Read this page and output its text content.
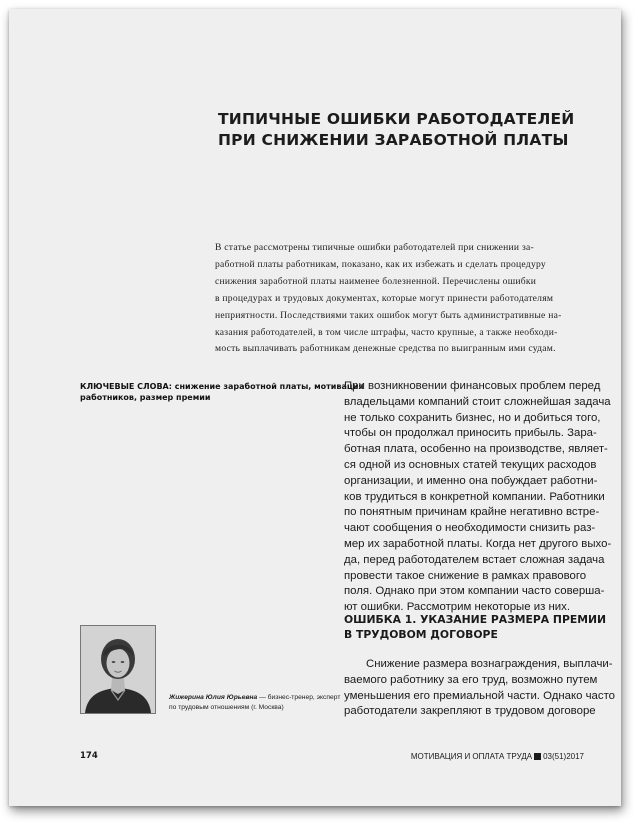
ТИПИЧНЫЕ ОШИБКИ РАБОТОДАТЕЛЕЙ
ПРИ СНИЖЕНИИ ЗАРАБОТНОЙ ПЛАТЫ
В статье рассмотрены типичные ошибки работодателей при снижении за-
работной платы работникам, показано, как их избежать и сделать процедуру
снижения заработной платы наименее болезненной. Перечислены ошибки
в процедурах и трудовых документах, которые могут принести работодателям
неприятности. Последствиями таких ошибок могут быть административные на-
казания работодателей, в том числе штрафы, часто крупные, а также необходи-
мость выплачивать работникам денежные средства по выигранным ими судам.
КЛЮЧЕВЫЕ СЛОВА: снижение заработной платы, мотивация
работников, размер премии
При возникновении финансовых проблем перед
владельцами компаний стоит сложнейшая задача
не только сохранить бизнес, но и добиться того,
чтобы он продолжал приносить прибыль. Зара-
ботная плата, особенно на производстве, являет-
ся одной из основных статей текущих расходов
организации, и именно она побуждает работни-
ков трудиться в конкретной компании. Работники
по понятным причинам крайне негативно встре-
чают сообщения о необходимости снизить раз-
мер их заработной платы. Когда нет другого выхо-
да, перед работодателем встает сложная задача
провести такое снижение в рамках правового
поля. Однако при этом компании часто соверша-
ют ошибки. Рассмотрим некоторые из них.
ОШИБКА 1. УКАЗАНИЕ РАЗМЕРА ПРЕМИИ
В ТРУДОВОМ ДОГОВОРЕ
Снижение размера вознаграждения, выплачи-
ваемого работнику за его труд, возможно путем
уменьшения его премиальной части. Однако часто
работодатели закрепляют в трудовом договоре
Жижерина Юлия Юрьевна — бизнес-тренер, эксперт
по трудовым отношениям (г. Москва)
174	МОТИВАЦИЯ И ОПЛАТА ТРУДА 03(51)2017
